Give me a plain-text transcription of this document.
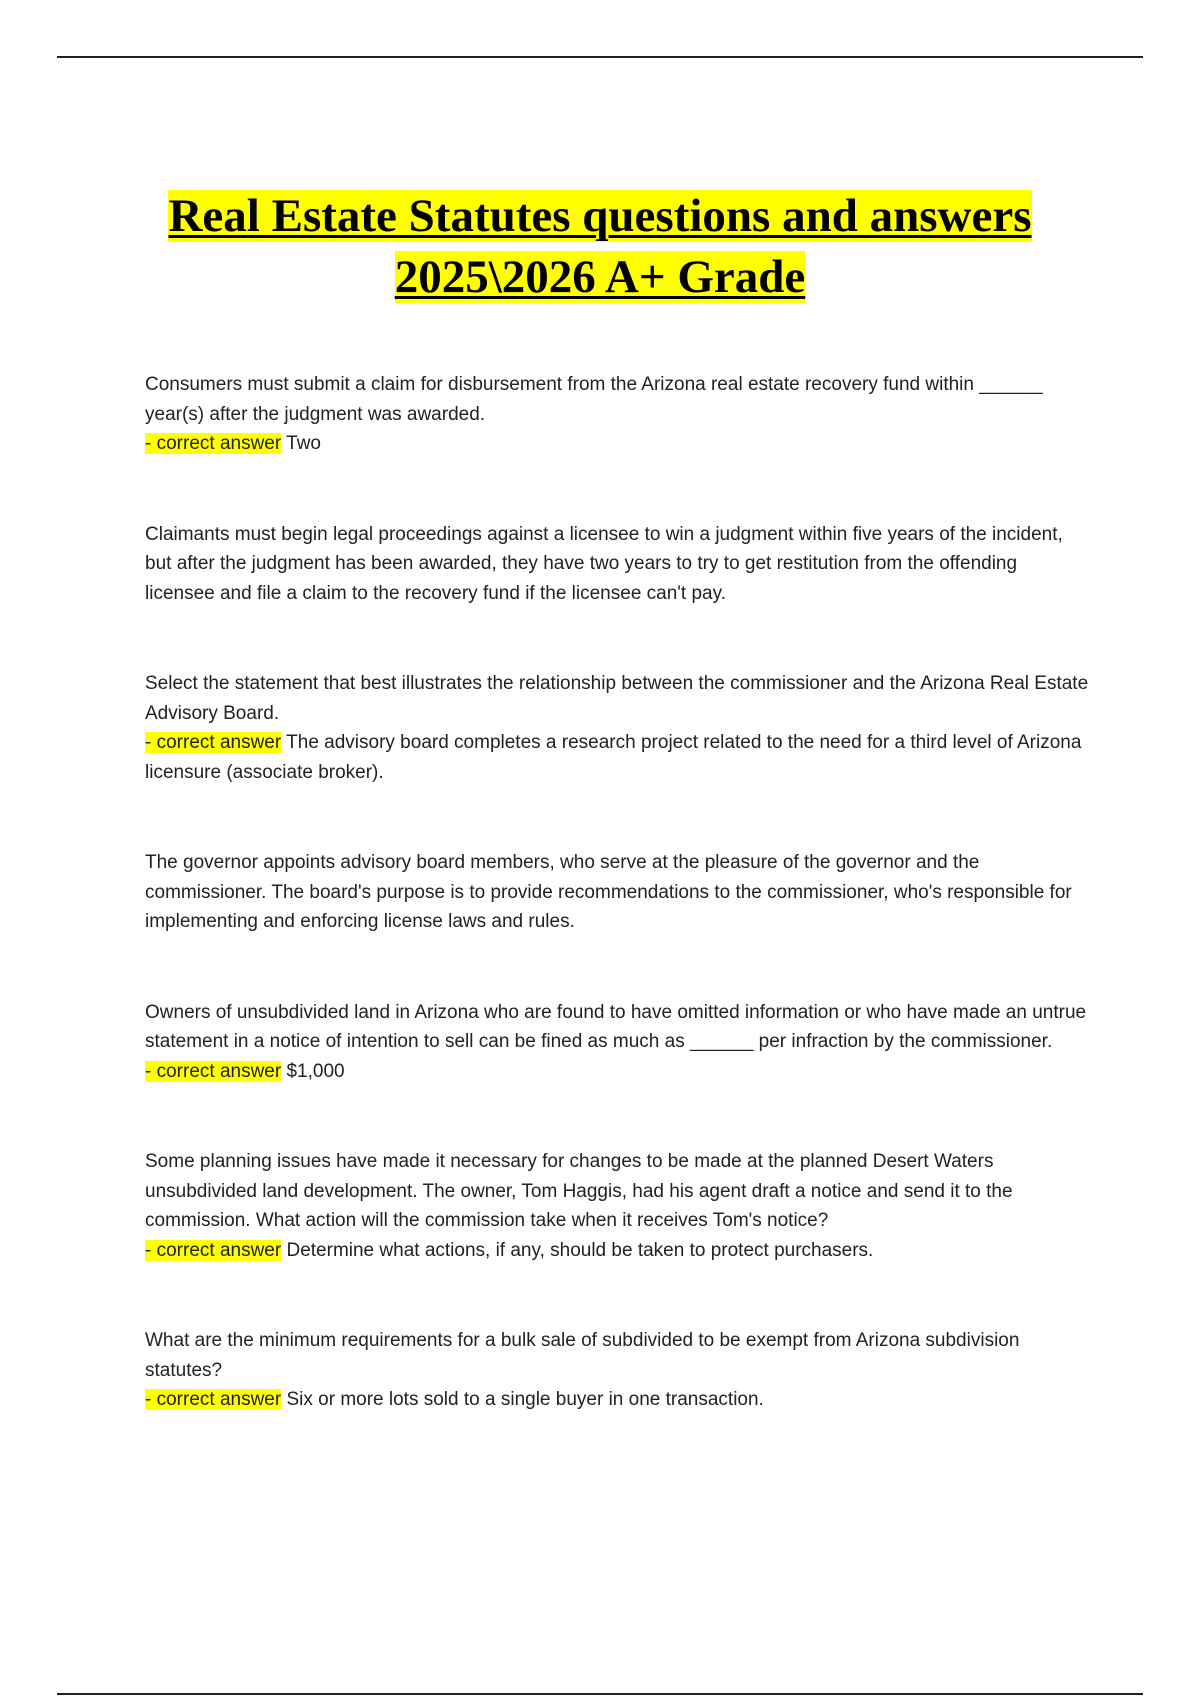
Real Estate Statutes questions and answers
2025\2026 A+ Grade

Consumers must submit a claim for disbursement from the Arizona real estate recovery fund within ______ year(s) after the judgment was awarded.

- correct answer Two

Claimants must begin legal proceedings against a licensee to win a judgment within five years of the incident, but after the judgment has been awarded, they have two years to try to get restitution from the offending licensee and file a claim to the recovery fund if the licensee can't pay.

Select the statement that best illustrates the relationship between the commissioner and the Arizona Real Estate Advisory Board.

- correct answer The advisory board completes a research project related to the need for a third level of Arizona licensure (associate broker).

The governor appoints advisory board members, who serve at the pleasure of the governor and the commissioner. The board's purpose is to provide recommendations to the commissioner, who's responsible for implementing and enforcing license laws and rules.

Owners of unsubdivided land in Arizona who are found to have omitted information or who have made an untrue statement in a notice of intention to sell can be fined as much as ______ per infraction by the commissioner.

- correct answer $1,000

Some planning issues have made it necessary for changes to be made at the planned Desert Waters unsubdivided land development. The owner, Tom Haggis, had his agent draft a notice and send it to the commission. What action will the commission take when it receives Tom's notice?

- correct answer Determine what actions, if any, should be taken to protect purchasers.

What are the minimum requirements for a bulk sale of subdivided to be exempt from Arizona subdivision statutes?

- correct answer Six or more lots sold to a single buyer in one transaction.
